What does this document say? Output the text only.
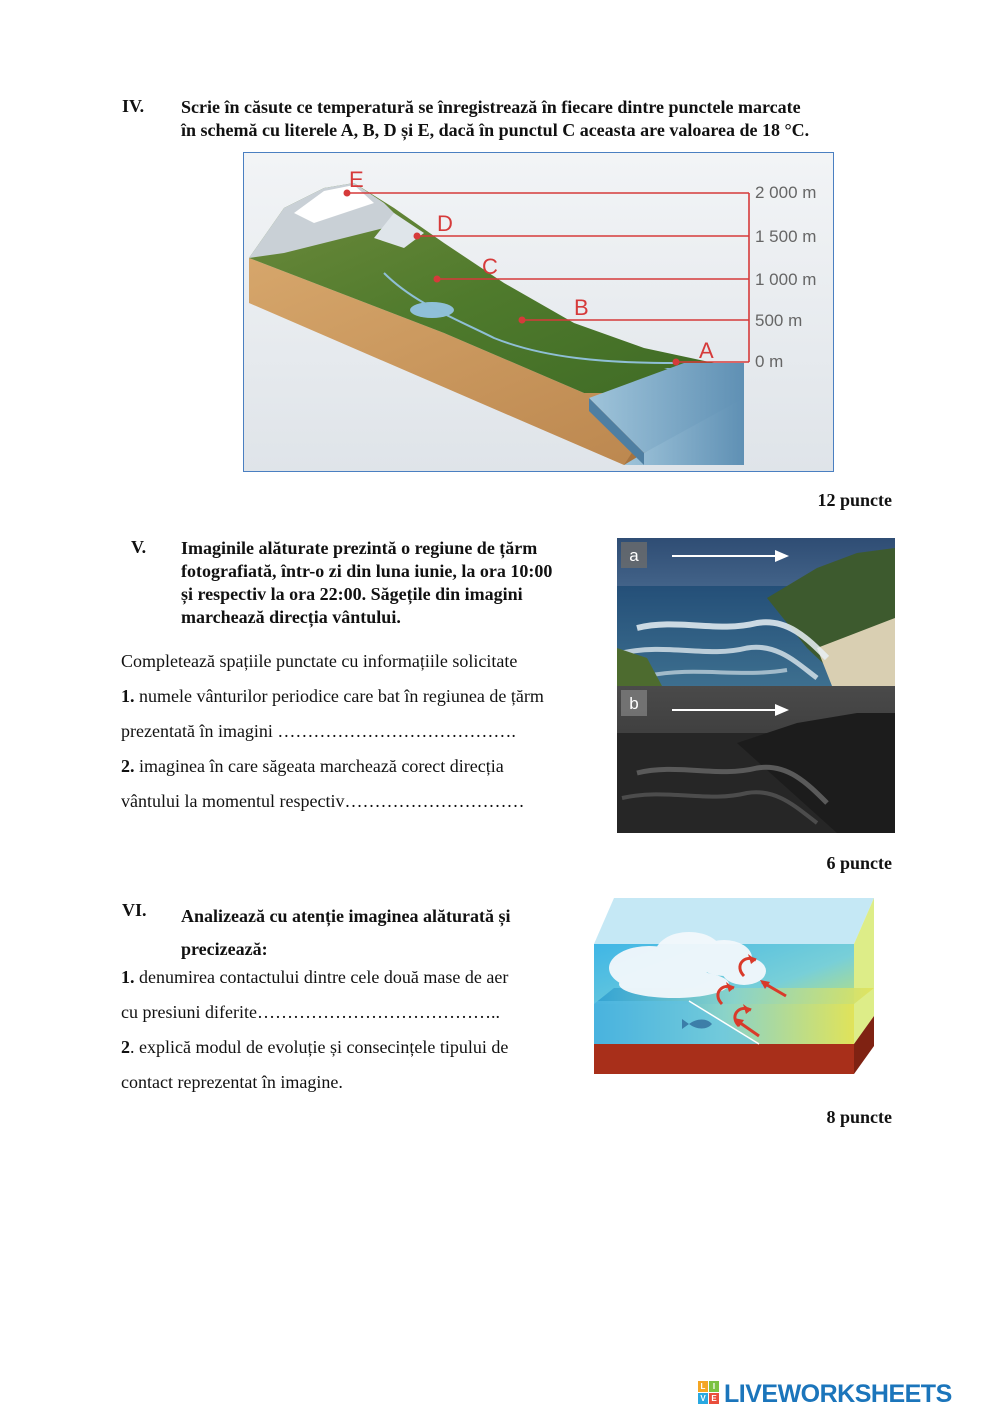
IV. Scrie în căsute ce temperatură se înregistrează în fiecare dintre punctele marcate
în schemă cu literele A, B, D și E, dacă în punctul C aceasta are valoarea de 18 °C.
E
D
C
B
A
2 000 m
1 500 m
1 000 m
500 m
0 m
12 puncte
V. Imaginile alăturate prezintă o regiune de țărm
fotografiată, într-o zi din luna iunie, la ora 10:00
și respectiv la ora 22:00. Săgețile din imagini
marchează direcția vântului.
Completează spațiile punctate cu informațiile solicitate
1. numele vânturilor periodice care bat în regiunea de țărm
prezentată în imagini ………………………………….
2. imaginea în care săgeata marchează corect direcția
vântului la momentul respectiv…………………………
a
b
6 puncte
VI. Analizează cu atenție imaginea alăturată și
precizează:
1. denumirea contactului dintre cele două mase de aer
cu presiuni diferite…………………………………..
2. explică modul de evoluție și consecințele tipului de
contact reprezentat în imagine.
8 puncte
L I
V E LIVEWORKSHEETS
